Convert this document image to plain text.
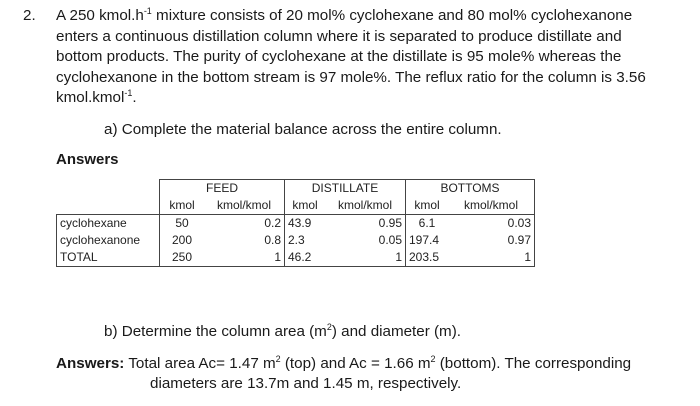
2. A 250 $kmol.h^{-1}$ mixture consists of 20 mol% cyclohexane and 80 mol% cyclohexanone enters a continuous distillation column where it is separated to produce distillate and bottom products. The purity of cyclohexane at the distillate is 95 mole% whereas the cyclohexanone in the bottom stream is 97 mole%. The reflux ratio for the column is 3.56 kmol.kmol$^{-1}$.
a) Complete the material balance across the entire column.
Answers
	FEED		DISTILLATE		BOTTOMS	
	kmol	kmol/kmol	kmol	kmol/kmol	kmol	kmol/kmol
cyclohexane	50	0.2	43.9	0.95	6.1	0.03
cyclohexanone	200	0.8	2.3	0.05	197.4	0.97
TOTAL	250	1	46.2	1	203.5	1
b) Determine the column area $(m^2)$ and diameter (m).
Answers: Total area Ac= 1.47 $m^2$ (top) and Ac = 1.66 $m^2$ (bottom). The corresponding
diameters are 13.7m and 1.45 m, respectively.
